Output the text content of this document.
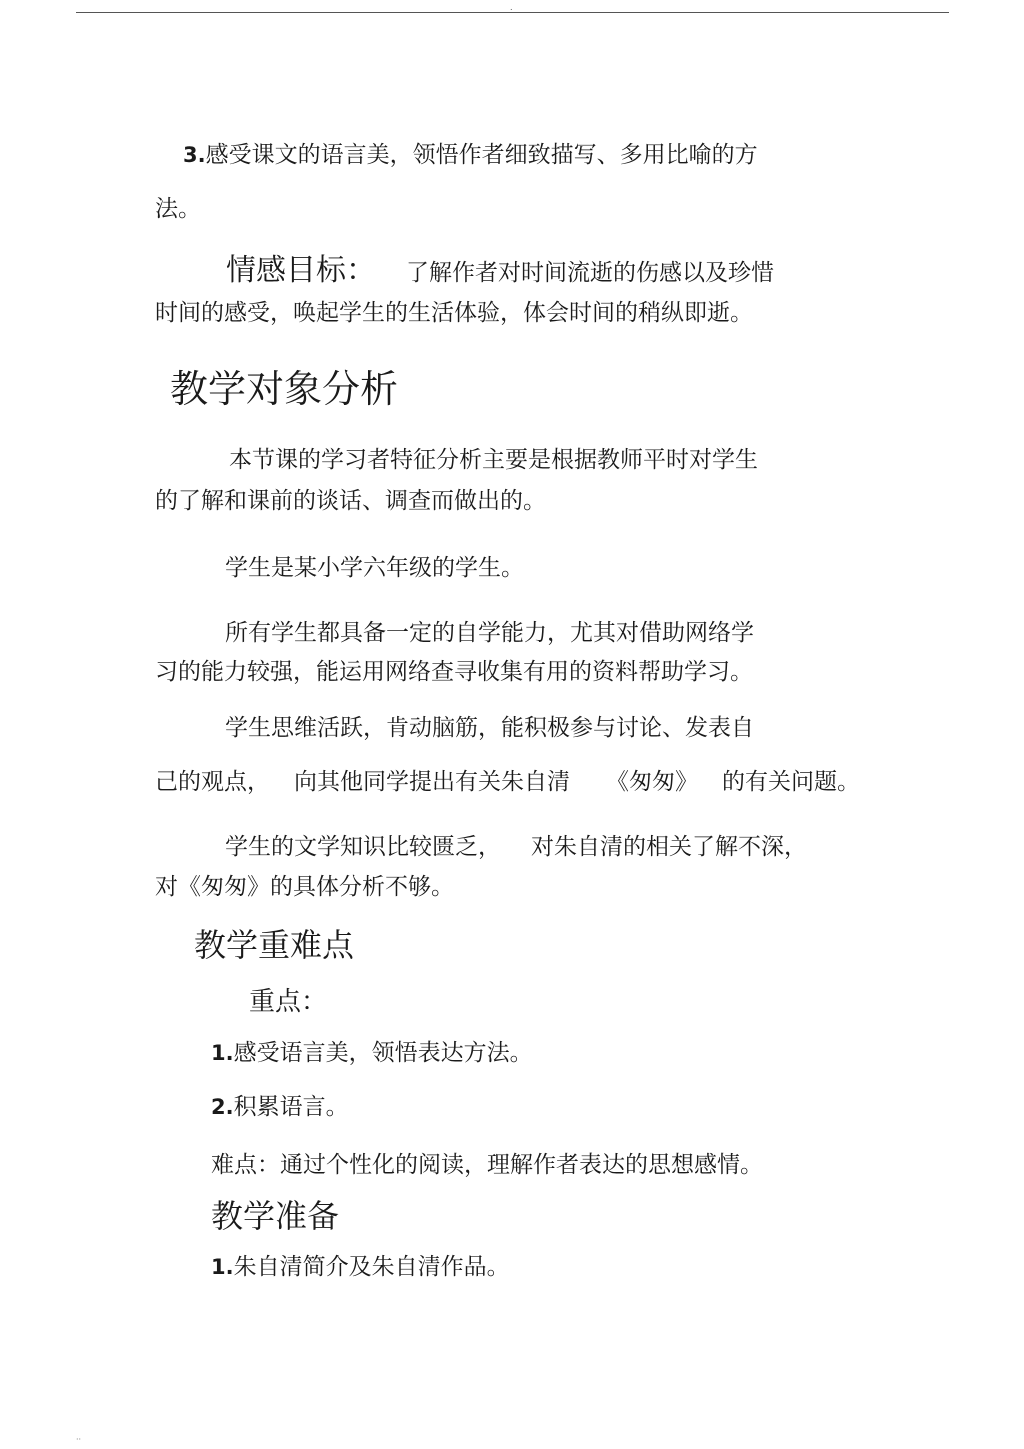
.
3.感受课文的语言美，领悟作者细致描写、多用比喻的方
法。
情感目标： 了解作者对时间流逝的伤感以及珍惜
时间的感受，唤起学生的生活体验，体会时间的稍纵即逝。
教学对象分析
本节课的学习者特征分析主要是根据教师平时对学生
的了解和课前的谈话、调查而做出的。
学生是某小学六年级的学生。
所有学生都具备一定的自学能力，尤其对借助网络学
习的能力较强，能运用网络查寻收集有用的资料帮助学习。
学生思维活跃，肯动脑筋，能积极参与讨论、发表自
己的观点， 向其他同学提出有关朱自清 《匆匆》 的有关问题。
学生的文学知识比较匮乏， 对朱自清的相关了解不深，
对《匆匆》的具体分析不够。
教学重难点
重点：
1.感受语言美，领悟表达方法。
2.积累语言。
难点：通过个性化的阅读，理解作者表达的思想感情。
教学准备
1.朱自清简介及朱自清作品。
··
